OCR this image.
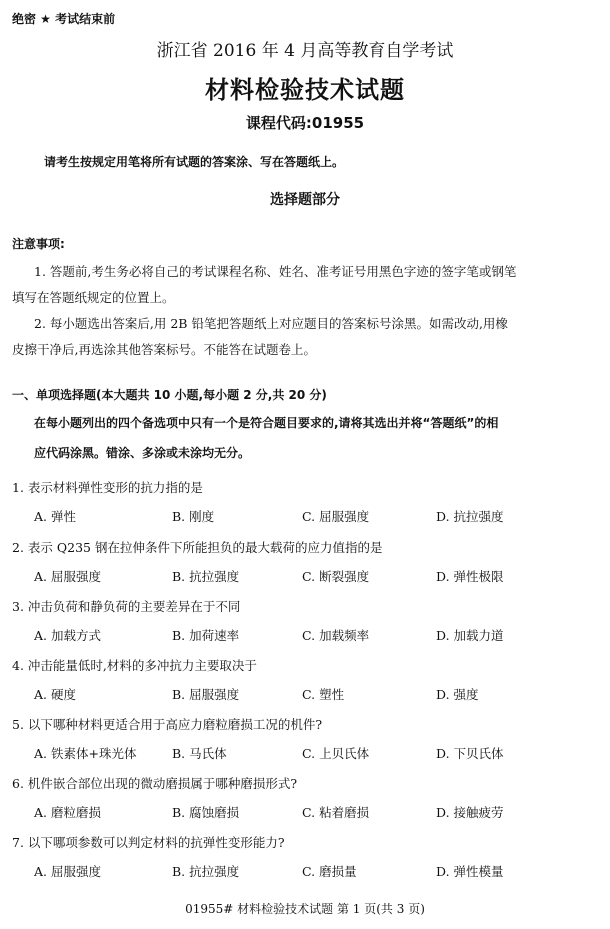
绝密 ★ 考试结束前
浙江省 2016 年 4 月高等教育自学考试
材料检验技术试题
课程代码:01955
请考生按规定用笔将所有试题的答案涂、写在答题纸上。
选择题部分
注意事项:
1. 答题前,考生务必将自己的考试课程名称、姓名、准考证号用黑色字迹的签字笔或钢笔
填写在答题纸规定的位置上。
2. 每小题选出答案后,用 2B 铅笔把答题纸上对应题目的答案标号涂黑。如需改动,用橡
皮擦干净后,再选涂其他答案标号。不能答在试题卷上。
一、单项选择题(本大题共 10 小题,每小题 2 分,共 20 分)
在每小题列出的四个备选项中只有一个是符合题目要求的,请将其选出并将“答题纸”的相
应代码涂黑。错涂、多涂或未涂均无分。
1. 表示材料弹性变形的抗力指的是
A. 弹性	B. 刚度	C. 屈服强度	D. 抗拉强度
2. 表示 Q235 钢在拉伸条件下所能担负的最大载荷的应力值指的是
A. 屈服强度	B. 抗拉强度	C. 断裂强度	D. 弹性极限
3. 冲击负荷和静负荷的主要差异在于不同
A. 加载方式	B. 加荷速率	C. 加载频率	D. 加载力道
4. 冲击能量低时,材料的多冲抗力主要取决于
A. 硬度	B. 屈服强度	C. 塑性	D. 强度
5. 以下哪种材料更适合用于高应力磨粒磨损工况的机件?
A. 铁素体+珠光体	B. 马氏体	C. 上贝氏体	D. 下贝氏体
6. 机件嵌合部位出现的微动磨损属于哪种磨损形式?
A. 磨粒磨损	B. 腐蚀磨损	C. 粘着磨损	D. 接触疲劳
7. 以下哪项参数可以判定材料的抗弹性变形能力?
A. 屈服强度	B. 抗拉强度	C. 磨损量	D. 弹性模量
01955# 材料检验技术试题 第 1 页(共 3 页)
